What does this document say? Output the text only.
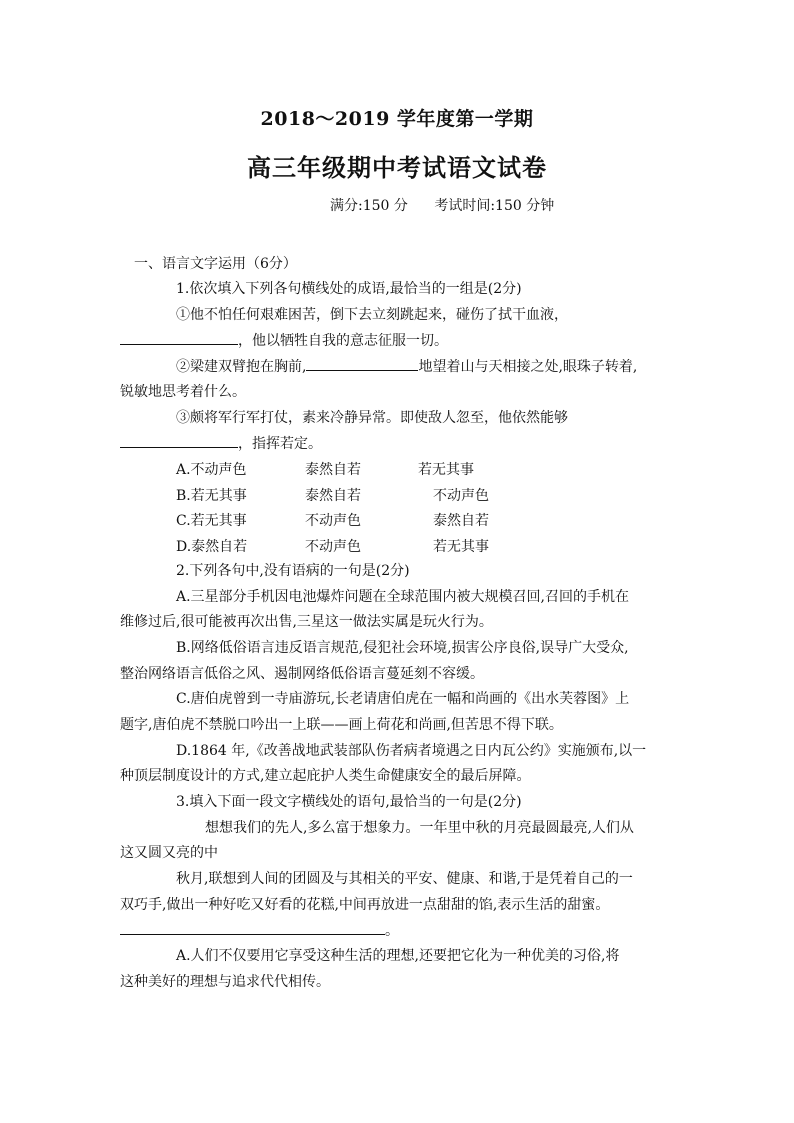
2018～2019 学年度第一学期
高三年级期中考试语文试卷
满分:150 分 考试时间:150 分钟
一、语言文字运用（6分）
1.依次填入下列各句横线处的成语,最恰当的一组是(2分)
①他不怕任何艰难困苦，倒下去立刻跳起来，碰伤了拭干血液，
，他以牺牲自我的意志征服一切。
②梁建双臂抱在胸前,	地望着山与天相接之处,眼珠子转着,
锐敏地思考着什么。
③颇将军行军打仗，素来冷静异常。即使敌人忽至，他依然能够
，指挥若定。
A.不动声色	泰然自若	若无其事
B.若无其事	泰然自若	不动声色
C.若无其事	不动声色	泰然自若
D.泰然自若	不动声色	若无其事
2.下列各句中,没有语病的一句是(2分)
A.三星部分手机因电池爆炸问题在全球范围内被大规模召回,召回的手机在
维修过后,很可能被再次出售,三星这一做法实属是玩火行为。
B.网络低俗语言违反语言规范,侵犯社会环境,损害公序良俗,误导广大受众,
整治网络语言低俗之风、遏制网络低俗语言蔓延刻不容缓。
C.唐伯虎曾到一寺庙游玩,长老请唐伯虎在一幅和尚画的《出水芙蓉图》上
题字,唐伯虎不禁脱口吟出一上联——画上荷花和尚画,但苦思不得下联。
D.1864 年,《改善战地武装部队伤者病者境遇之日内瓦公约》实施颁布,以一
种顶层制度设计的方式,建立起庇护人类生命健康安全的最后屏障。
3.填入下面一段文字横线处的语句,最恰当的一句是(2分)
想想我们的先人,多么富于想象力。一年里中秋的月亮最圆最亮,人们从
这又圆又亮的中
秋月,联想到人间的团圆及与其相关的平安、健康、和谐,于是凭着自己的一
双巧手,做出一种好吃又好看的花糕,中间再放进一点甜甜的馅,表示生活的甜蜜。
。
A.人们不仅要用它享受这种生活的理想,还要把它化为一种优美的习俗,将
这种美好的理想与追求代代相传。
